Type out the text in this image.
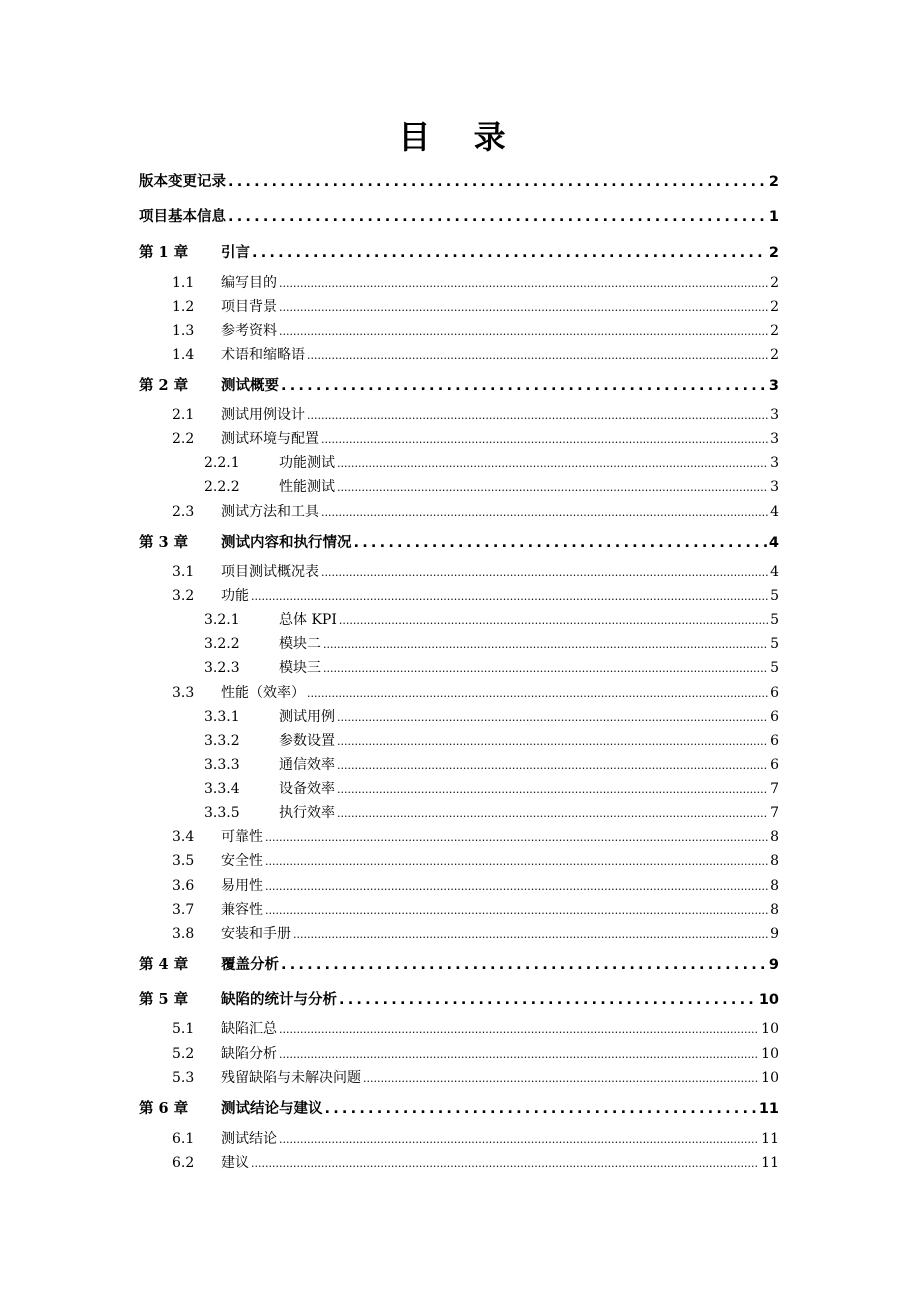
目 录
版本变更记录 .....	2
项目基本信息 .....	1
第 1 章	引言 .....	2
1.1	编写目的 .....	2
1.2	项目背景 .....	2
1.3	参考资料 .....	2
1.4	术语和缩略语 .....	2
第 2 章	测试概要 .....	3
2.1	测试用例设计 .....	3
2.2	测试环境与配置 .....	3
2.2.1	功能测试 .....	3
2.2.2	性能测试 .....	3
2.3	测试方法和工具 .....	4
第 3 章	测试内容和执行情况 .....	4
3.1	项目测试概况表 .....	4
3.2	功能 .....	5
3.2.1	总体 KPI .....	5
3.2.2	模块二 .....	5
3.2.3	模块三 .....	5
3.3	性能（效率） .....	6
3.3.1	测试用例 .....	6
3.3.2	参数设置 .....	6
3.3.3	通信效率 .....	6
3.3.4	设备效率 .....	7
3.3.5	执行效率 .....	7
3.4	可靠性 .....	8
3.5	安全性 .....	8
3.6	易用性 .....	8
3.7	兼容性 .....	8
3.8	安装和手册 .....	9
第 4 章	覆盖分析 .....	9
第 5 章	缺陷的统计与分析 .....	10
5.1	缺陷汇总 .....	10
5.2	缺陷分析 .....	10
5.3	残留缺陷与未解决问题 .....	10
第 6 章	测试结论与建议 .....	11
6.1	测试结论 .....	11
6.2	建议 .....	11
